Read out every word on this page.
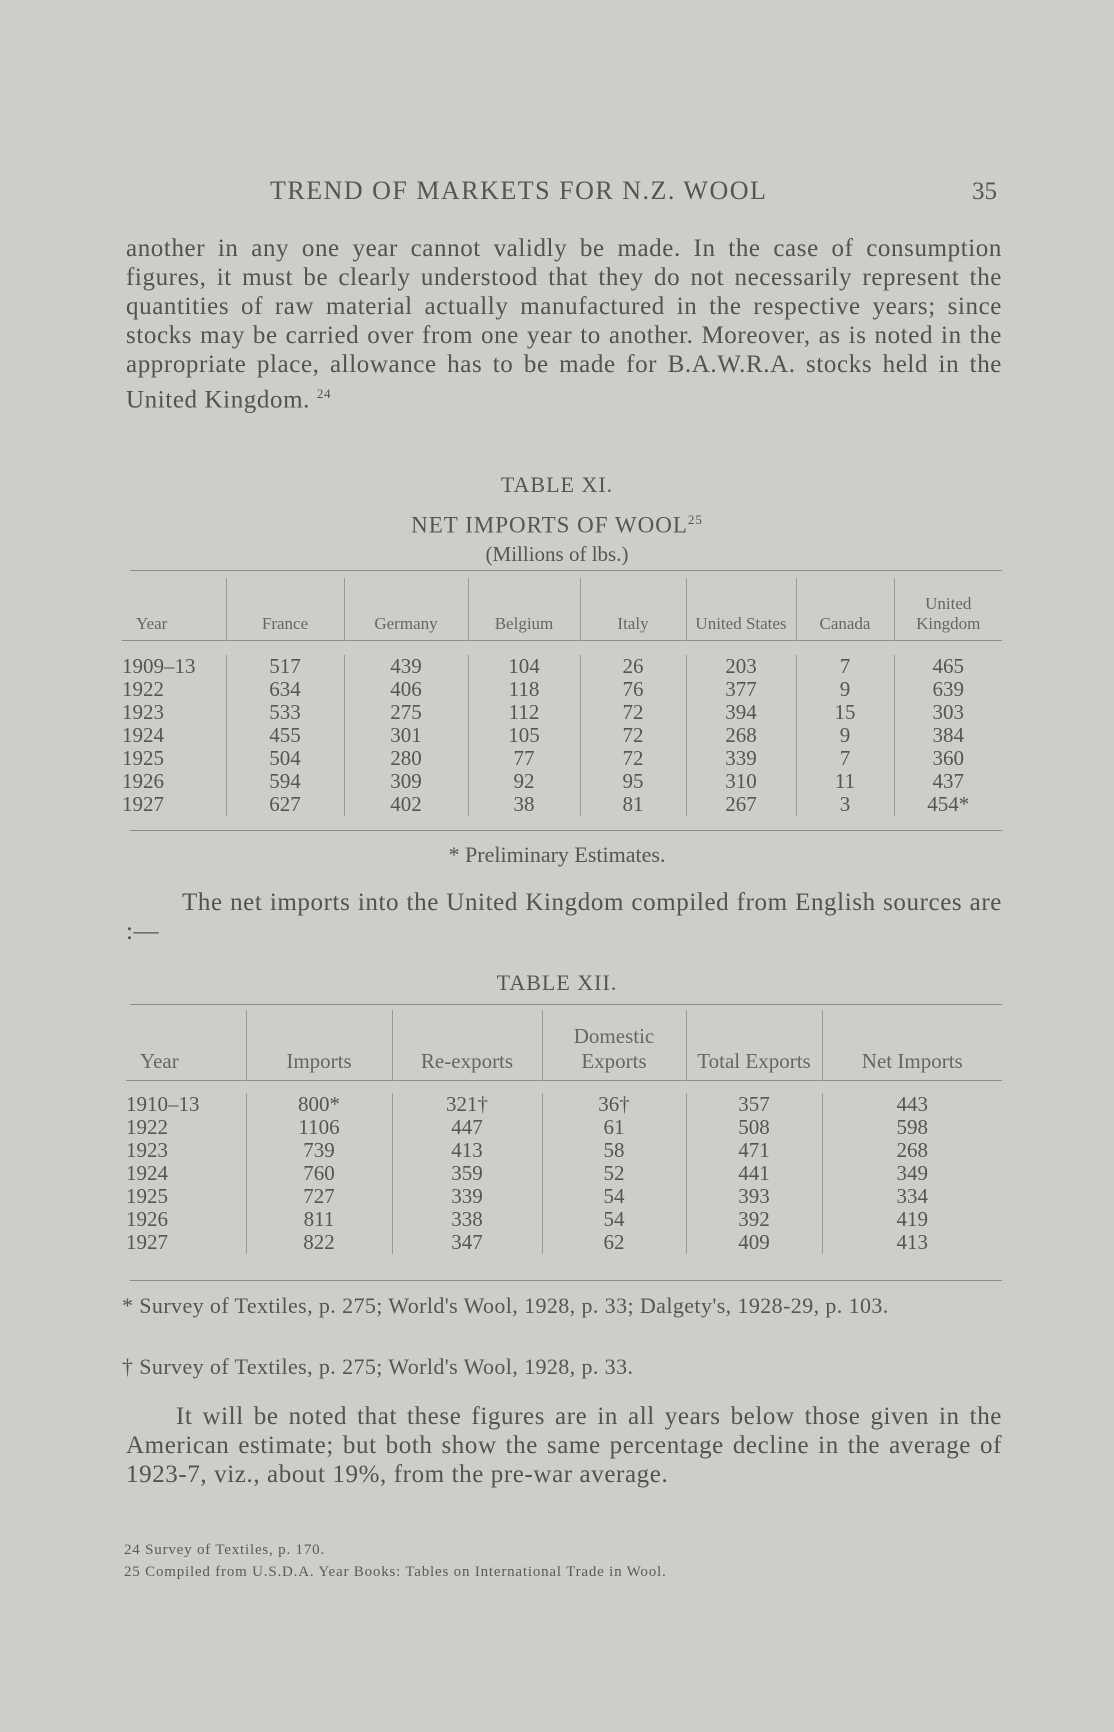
TREND OF MARKETS FOR N.Z. WOOL	35

another in any one year cannot validly be made. In the case of consumption figures, it must be clearly understood that they do not necessarily represent the quantities of raw material actually manufactured in the respective years; since stocks may be carried over from one year to another. Moreover, as is noted in the appropriate place, allowance has to be made for B.A.W.R.A. stocks held in the United Kingdom. $^{24}$

TABLE XI.
NET IMPORTS OF WOOL$^{25}$
(Millions of lbs.)
Year	France	Germany	Belgium	Italy	United States	Canada	United Kingdom

1909–13	517	439	104	26	203	7	465
1922	634	406	118	76	377	9	639
1923	533	275	112	72	394	15	303
1924	455	301	105	72	268	9	384
1925	504	280	77	72	339	7	360
1926	594	309	92	95	310	11	437
1927	627	402	38	81	267	3	454*
* Preliminary Estimates.

The net imports into the United Kingdom compiled from English sources are :—

TABLE XII.
Year	Imports	Re-exports	Domestic Exports	Total Exports	Net Imports

1910–13	800*	321†	36†	357	443
1922	1106	447	61	508	598
1923	739	413	58	471	268
1924	760	359	52	441	349
1925	727	339	54	393	334
1926	811	338	54	392	419
1927	822	347	62	409	413
* Survey of Textiles, p. 275; World's Wool, 1928, p. 33; Dalgety's, 1928-29, p. 103.
† Survey of Textiles, p. 275; World's Wool, 1928, p. 33.

It will be noted that these figures are in all years below those given in the American estimate; but both show the same percentage decline in the average of 1923-7, viz., about 19%, from the pre-war average.

24 Survey of Textiles, p. 170.
25 Compiled from U.S.D.A. Year Books: Tables on International Trade in Wool.
